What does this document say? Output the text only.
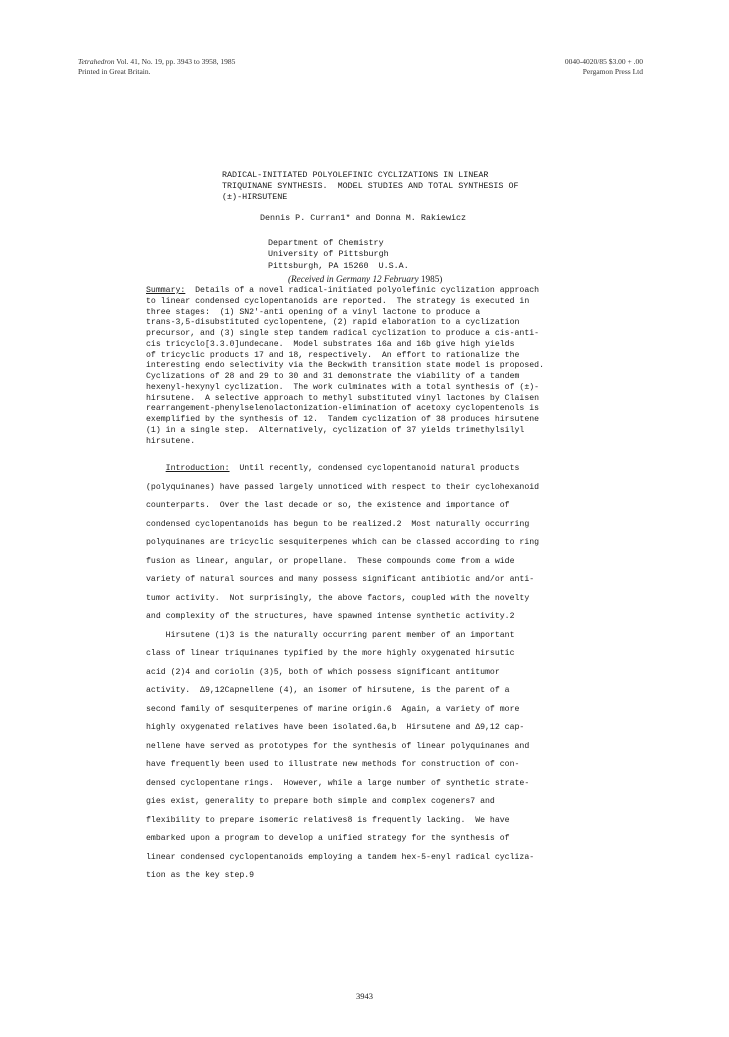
Tetrahedron Vol. 41, No. 19, pp. 3943 to 3958, 1985
Printed in Great Britain.
0040-4020/85 $3.00 + .00
Pergamon Press Ltd
RADICAL-INITIATED POLYOLEFINIC CYCLIZATIONS IN LINEAR
TRIQUINANE SYNTHESIS.  MODEL STUDIES AND TOTAL SYNTHESIS OF
(±)-HIRSUTENE
Dennis P. Curran1* and Donna M. Rakiewicz
Department of Chemistry
University of Pittsburgh
Pittsburgh, PA 15260  U.S.A.
(Received in Germany 12 February 1985)
Summary:  Details of a novel radical-initiated polyolefinic cyclization approach
to linear condensed cyclopentanoids are reported.  The strategy is executed in
three stages:  (1) SN2'-anti opening of a vinyl lactone to produce a
trans-3,5-disubstituted cyclopentene, (2) rapid elaboration to a cyclization
precursor, and (3) single step tandem radical cyclization to produce a cis-anti-
cis tricyclo[3.3.0]undecane.  Model substrates 16a and 16b give high yields
of tricyclic products 17 and 18, respectively.  An effort to rationalize the
interesting endo selectivity via the Beckwith transition state model is proposed.
Cyclizations of 28 and 29 to 30 and 31 demonstrate the viability of a tandem
hexenyl-hexynyl cyclization.  The work culminates with a total synthesis of (±)-
hirsutene.  A selective approach to methyl substituted vinyl lactones by Claisen
rearrangement-phenylselenolactonization-elimination of acetoxy cyclopentenols is
exemplified by the synthesis of 12.  Tandem cyclization of 38 produces hirsutene
(1) in a single step.  Alternatively, cyclization of 37 yields trimethylsilyl
hirsutene.
Introduction:  Until recently, condensed cyclopentanoid natural products
(polyquinanes) have passed largely unnoticed with respect to their cyclohexanoid
counterparts.  Over the last decade or so, the existence and importance of
condensed cyclopentanoids has begun to be realized.2  Most naturally occurring
polyquinanes are tricyclic sesquiterpenes which can be classed according to ring
fusion as linear, angular, or propellane.  These compounds come from a wide
variety of natural sources and many possess significant antibiotic and/or anti-
tumor activity.  Not surprisingly, the above factors, coupled with the novelty
and complexity of the structures, have spawned intense synthetic activity.2
Hirsutene (1)3 is the naturally occurring parent member of an important
class of linear triquinanes typified by the more highly oxygenated hirsutic
acid (2)4 and coriolin (3)5, both of which possess significant antitumor
activity.  Δ9,12Capnellene (4), an isomer of hirsutene, is the parent of a
second family of sesquiterpenes of marine origin.6  Again, a variety of more
highly oxygenated relatives have been isolated.6a,b  Hirsutene and Δ9,12 cap-
nellene have served as prototypes for the synthesis of linear polyquinanes and
have frequently been used to illustrate new methods for construction of con-
densed cyclopentane rings.  However, while a large number of synthetic strate-
gies exist, generality to prepare both simple and complex cogeners7 and
flexibility to prepare isomeric relatives8 is frequently lacking.  We have
embarked upon a program to develop a unified strategy for the synthesis of
linear condensed cyclopentanoids employing a tandem hex-5-enyl radical cycliza-
tion as the key step.9
3943
